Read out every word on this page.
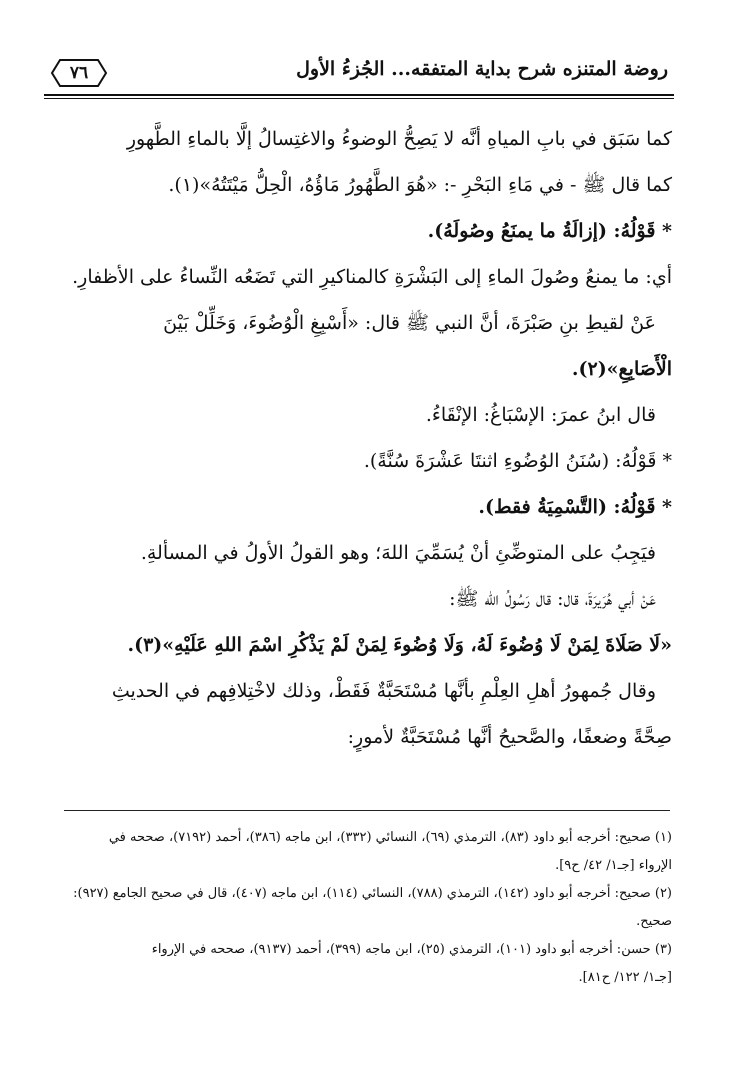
٧٦	روضة المتنزه شرح بداية المتفقه... الجُزءُ الأول
كما سَبَق في بابِ المياهِ أنَّه لا يَصِحُّ الوضوءُ والاغتِسالُ إلَّا بالماءِ الطَّهورِ
كما قال ﷺ - في مَاءِ البَحْرِ -: «هُوَ الطَّهُورُ مَاؤُهُ، الْحِلُّ مَيْتَتُهُ»(١).
* قَوْلُهُ: (إزالَةُ ما يمنَعُ وصُولَهُ).
أي: ما يمنعُ وصُولَ الماءِ إلى البَشْرَةِ كالمناكيرِ التي تَضَعُه النِّساءُ على الأظفارِ.
عَنْ لقيطِ بنِ صَبْرَةَ، أنَّ النبي ﷺ قال: «أَسْبِغِ الْوُضُوءَ، وَخَلِّلْ بَيْنَ
الْأَصَابِعِ»(٢).
قال ابنُ عمرَ: الإسْبَاغُ: الإنْقَاءُ.
* قَوْلُهُ: (سُنَنُ الوُضُوءِ اثنتَا عَشْرَةَ سُنَّةً).
* قَوْلُهُ: (التَّسْمِيَةُ فقط).
فيَجِبُ على المتوضِّئِ أنْ يُسَمِّيَ اللهَ؛ وهو القولُ الأولُ في المسألةِ.
عَنْ أبي هُرَيرَةَ، قال: قال رَسُولُ الله ﷺ:
«لَا صَلَاةَ لِمَنْ لَا وُضُوءَ لَهُ، وَلَا وُضُوءَ لِمَنْ لَمْ يَذْكُرِ اسْمَ اللهِ عَلَيْهِ»(٣).
وقال جُمهورُ أهلِ العِلْمِ بأنَّها مُسْتَحَبَّةٌ فَقَطْ، وذلك لاخْتِلافِهم في الحديثِ
صِحَّةً وضعفًا، والصَّحيحُ أنَّها مُسْتَحَبَّةٌ لأمورٍ:
(١) صحيح: أخرجه أبو داود (٨٣)، الترمذي (٦٩)، النسائي (٣٣٢)، ابن ماجه (٣٨٦)، أحمد (٧١٩٢)، صححه في
الإرواء [جـ١/ ٤٢/ ح٩].
(٢) صحيح: أخرجه أبو داود (١٤٢)، الترمذي (٧٨٨)، النسائي (١١٤)، ابن ماجه (٤٠٧)، قال في صحيح الجامع (٩٢٧):
صحيح.
(٣) حسن: أخرجه أبو داود (١٠١)، الترمذي (٢٥)، ابن ماجه (٣٩٩)، أحمد (٩١٣٧)، صححه في الإرواء
[جـ١/ ١٢٢/ ح٨١].
